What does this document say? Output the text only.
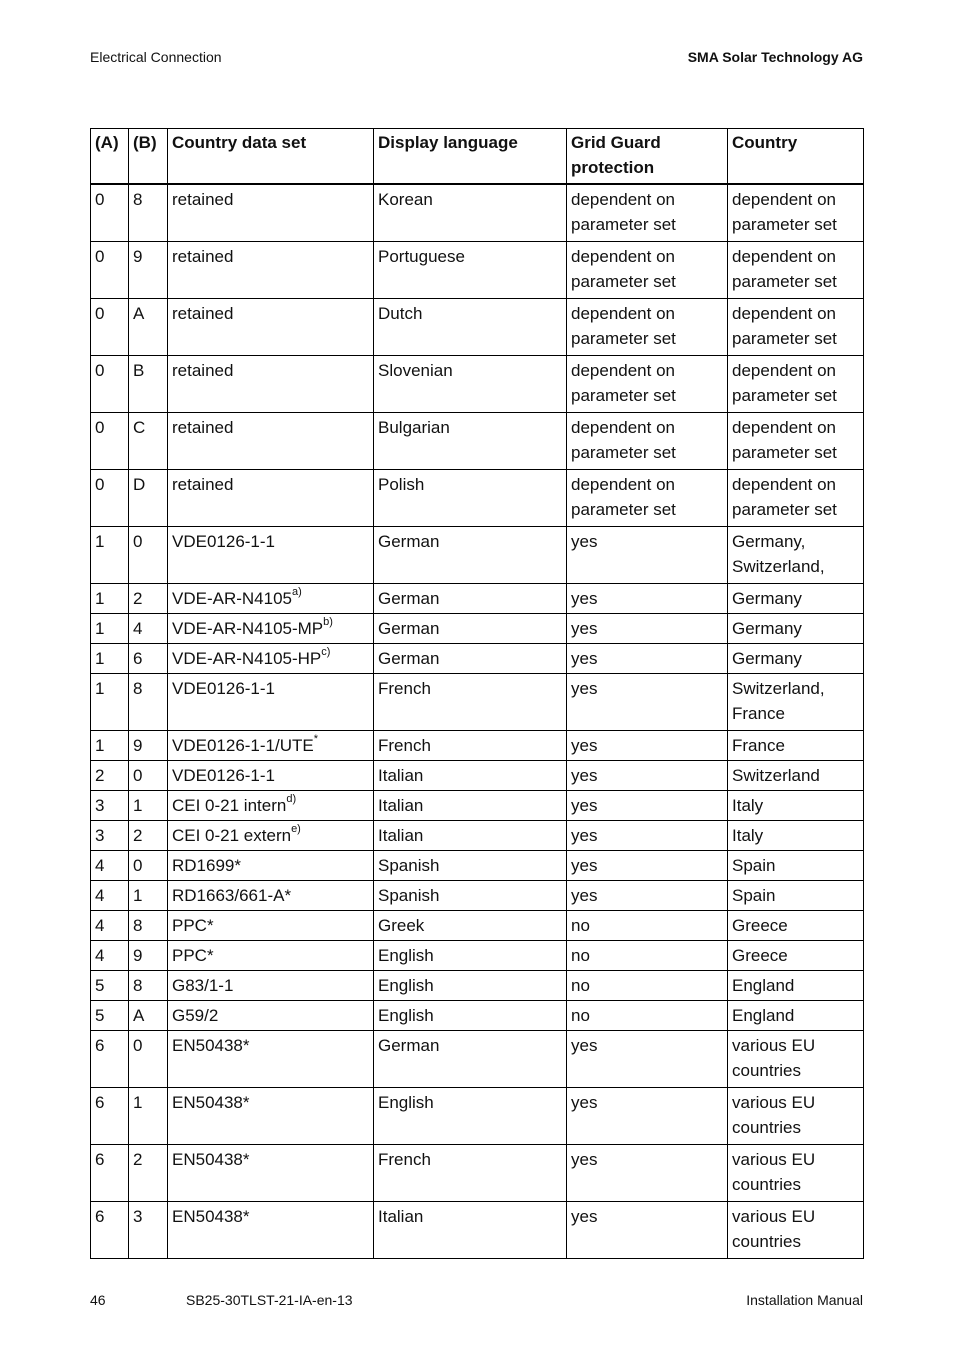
Electrical Connection	SMA Solar Technology AG
(A)	(B)	Country data set	Display language	Grid Guard protection	Country
0	8	retained	Korean	dependent on parameter set	dependent on parameter set
0	9	retained	Portuguese	dependent on parameter set	dependent on parameter set
0	A	retained	Dutch	dependent on parameter set	dependent on parameter set
0	B	retained	Slovenian	dependent on parameter set	dependent on parameter set
0	C	retained	Bulgarian	dependent on parameter set	dependent on parameter set
0	D	retained	Polish	dependent on parameter set	dependent on parameter set
1	0	VDE0126-1-1	German	yes	Germany, Switzerland,
1	2	VDE-AR-N4105$^{a)}$	German	yes	Germany
1	4	VDE-AR-N4105-MP$^{b)}$	German	yes	Germany
1	6	VDE-AR-N4105-HP$^{c)}$	German	yes	Germany
1	8	VDE0126-1-1	French	yes	Switzerland, France
1	9	VDE0126-1-1/UTE*	French	yes	France
2	0	VDE0126-1-1	Italian	yes	Switzerland
3	1	CEI 0-21 intern$^{d)}$	Italian	yes	Italy
3	2	CEI 0-21 extern$^{e)}$	Italian	yes	Italy
4	0	RD1699*	Spanish	yes	Spain
4	1	RD1663/661-A*	Spanish	yes	Spain
4	8	PPC*	Greek	no	Greece
4	9	PPC*	English	no	Greece
5	8	G83/1-1	English	no	England
5	A	G59/2	English	no	England
6	0	EN50438*	German	yes	various EU countries
6	1	EN50438*	English	yes	various EU countries
6	2	EN50438*	French	yes	various EU countries
6	3	EN50438*	Italian	yes	various EU countries
46	SB25-30TLST-21-IA-en-13	Installation Manual
